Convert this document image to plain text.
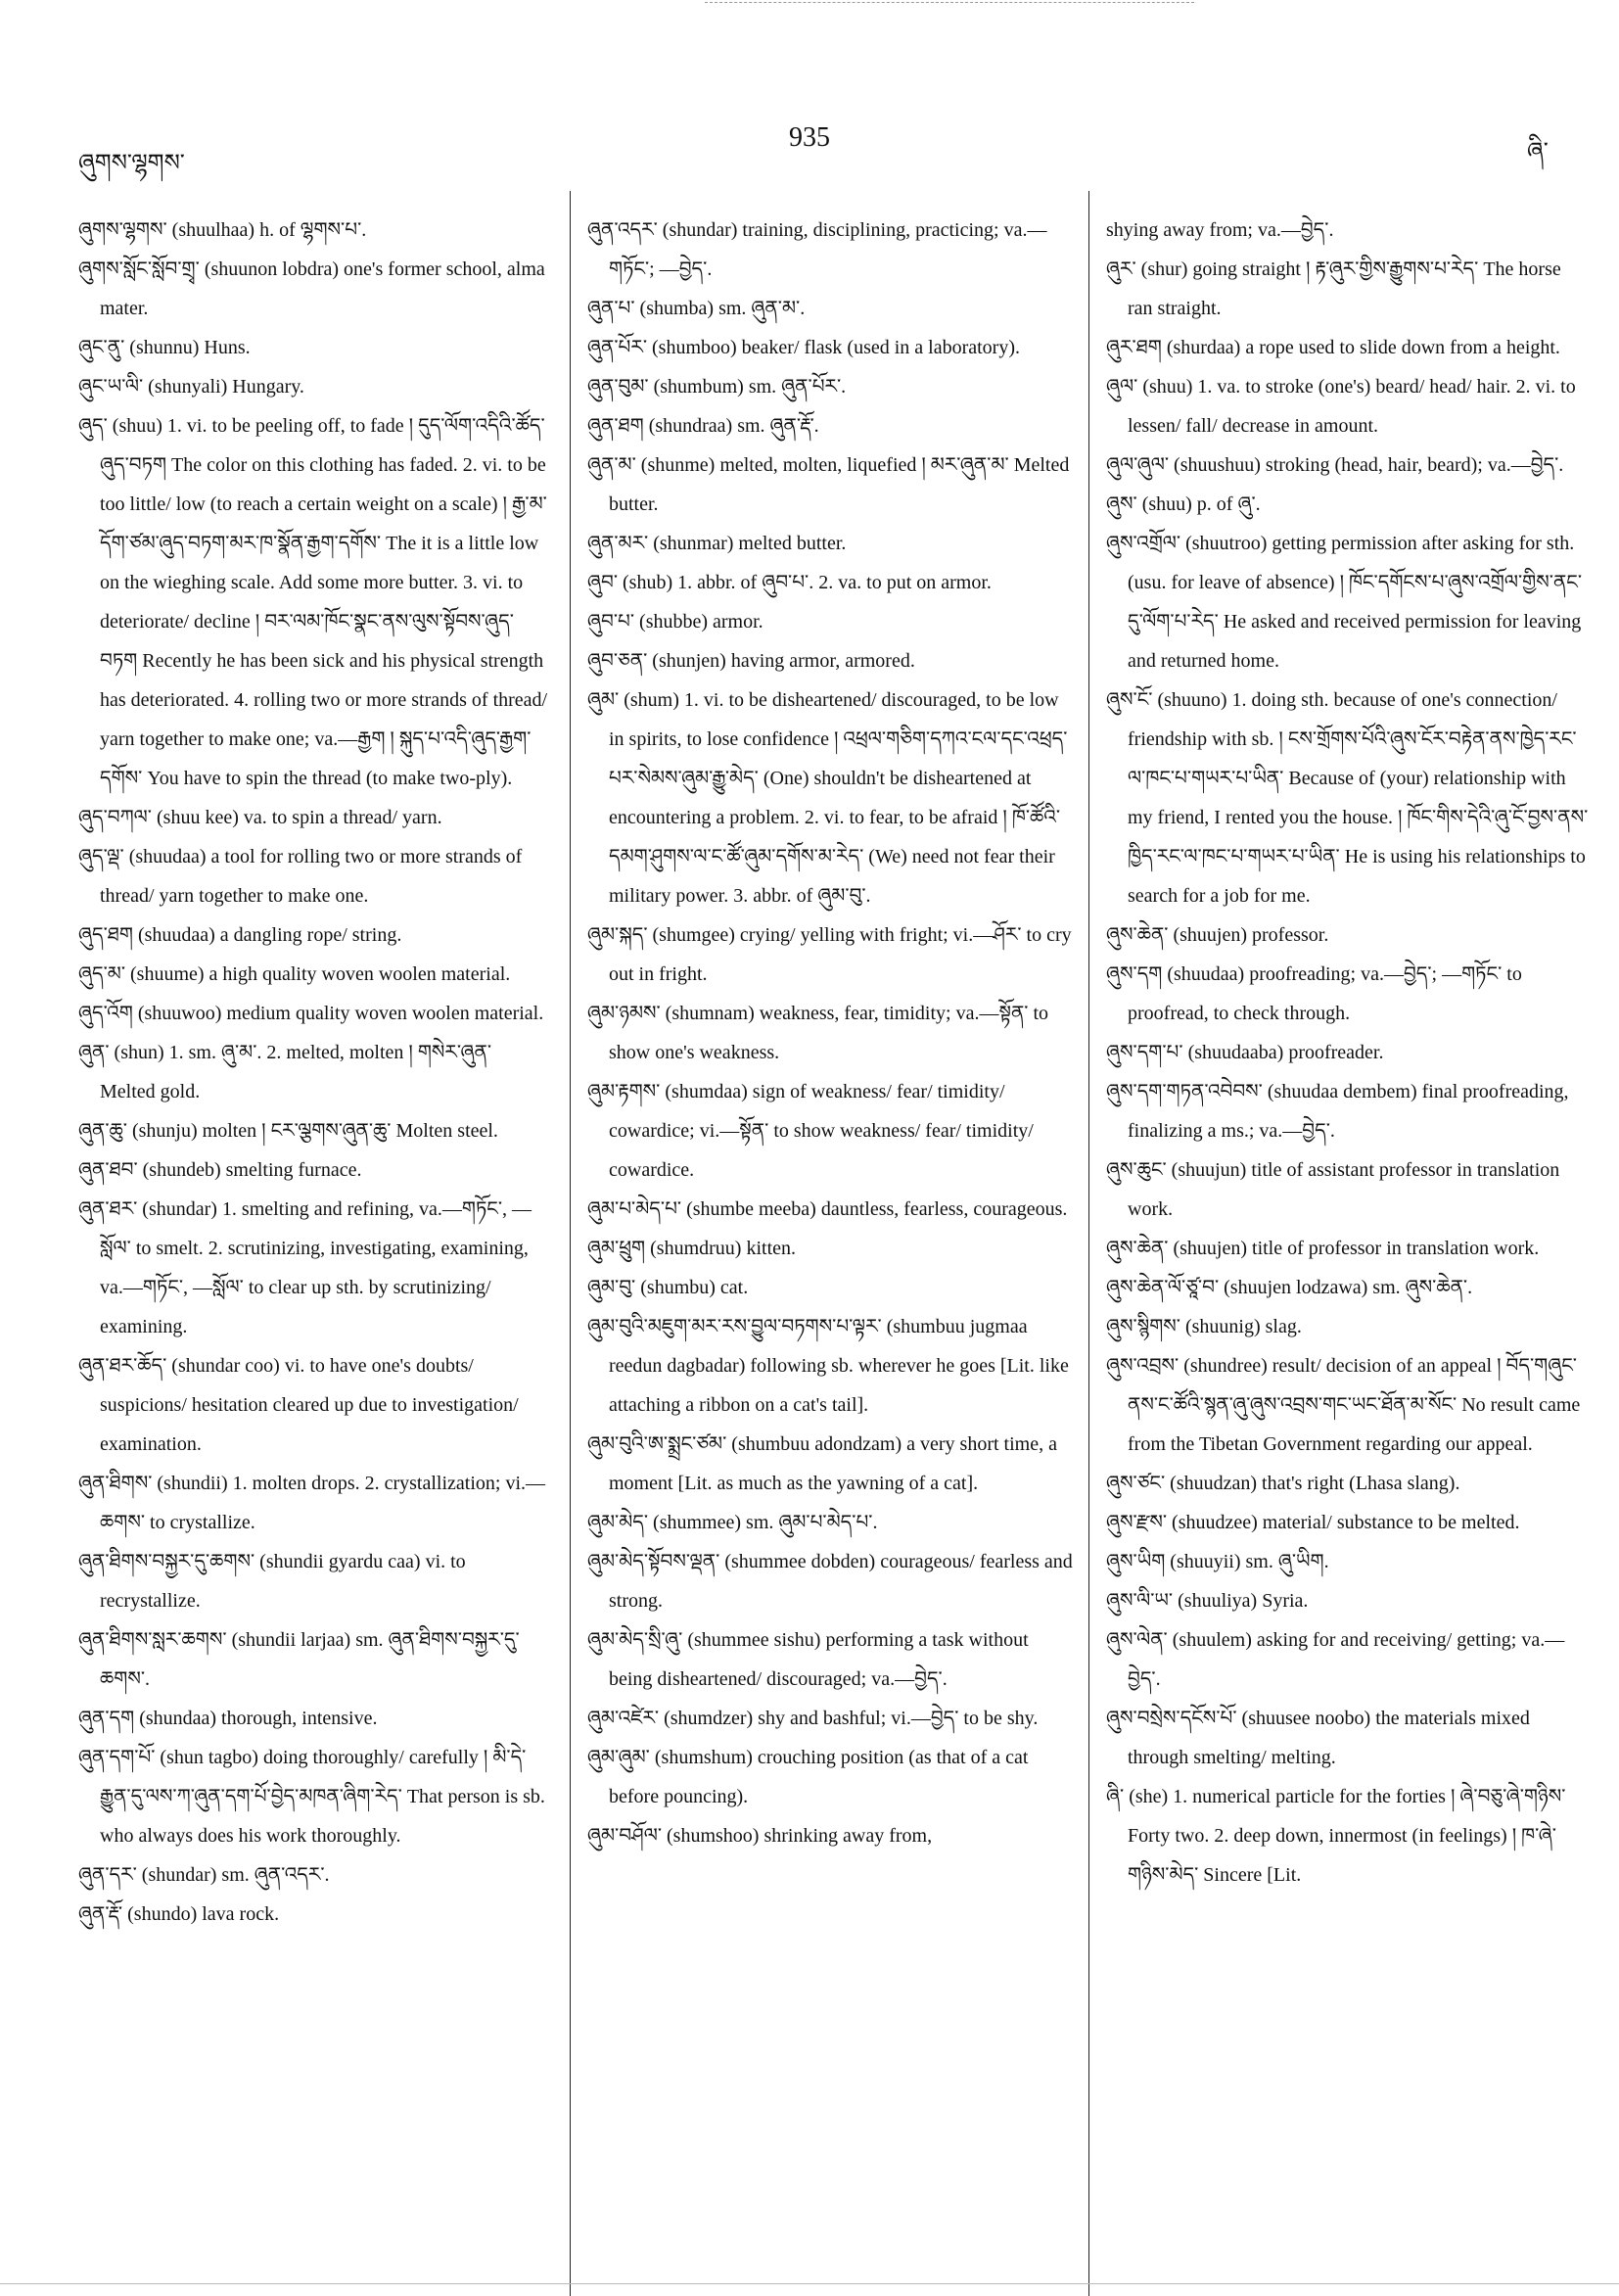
ཞུགས་ལྷགས་
935	ཞི་

ཞུགས་ལྷགས་ (shuulhaa) h. of ལྷགས་པ་.

ཞུགས་སློང་སློབ་གྲྭ་ (shuunon lobdra) one's former school, alma mater.

ཞུང་ནུ་ (shunnu) Huns.

ཞུང་ཡ་ལི་ (shunyali) Hungary.

ཞུད་ (shuu) 1. vi. to be peeling off, to fade ། དུད་ལོག་འདིའི་ཚོད་ཞུད་བཏག The color on this clothing has faded. 2. vi. to be too little/ low (to reach a certain weight on a scale) ། རྒྱ་མ་དོག་ཙམ་ཞུད་བཏག་མར་ཁ་སྣོན་རྒྱག་དགོས་ The it is a little low on the wieghing scale. Add some more butter. 3. vi. to deteriorate/ decline ། བར་ལམ་ཁོང་སྣང་ནས་ལུས་སྟོབས་ཞུད་བཏག Recently he has been sick and his physical strength has deteriorated. 4. rolling two or more strands of thread/ yarn together to make one; va.—རྒྱག ། སྐུད་པ་འདི་ཞུད་རྒྱག་དགོས་ You have to spin the thread (to make two-ply).

ཞུད་བཀལ་ (shuu kee) va. to spin a thread/ yarn.

ཞུད་ལྡ་ (shuudaa) a tool for rolling two or more strands of thread/ yarn together to make one.

ཞུད་ཐག (shuudaa) a dangling rope/ string.

ཞུད་མ་ (shuume) a high quality woven woolen material.

ཞུད་འོག (shuuwoo) medium quality woven woolen material.

ཞུན་ (shun) 1. sm. ཞུ་མ་. 2. melted, molten ། གསེར་ཞུན་ Melted gold.

ཞུན་ཆུ་ (shunju) molten ། ངར་ལྕགས་ཞུན་ཆུ་ Molten steel.

ཞུན་ཐབ་ (shundeb) smelting furnace.

ཞུན་ཐར་ (shundar) 1. smelting and refining, va.—གཏོང་, —སློལ་ to smelt. 2. scrutinizing, investigating, examining, va.—གཏོང་, —སློལ་ to clear up sth. by scrutinizing/ examining.

ཞུན་ཐར་ཆོད་ (shundar coo) vi. to have one's doubts/ suspicions/ hesitation cleared up due to investigation/ examination.

ཞུན་ཐིགས་ (shundii) 1. molten drops. 2. crystallization; vi.—ཆགས་ to crystallize.

ཞུན་ཐིགས་བསྐྱར་དུ་ཆགས་ (shundii gyardu caa) vi. to recrystallize.

ཞུན་ཐིགས་སླར་ཆགས་ (shundii larjaa) sm. ཞུན་ཐིགས་བསྐྱར་དུ་ཆགས་.

ཞུན་དག (shundaa) thorough, intensive.

ཞུན་དག་པོ་ (shun tagbo) doing thoroughly/ carefully ། མི་དེ་རྒྱུན་དུ་ལས་ཀ་ཞུན་དག་པོ་བྱེད་མཁན་ཞིག་རེད་ That person is sb. who always does his work thoroughly.

ཞུན་དར་ (shundar) sm. ཞུན་འདར་.

ཞུན་རྡོ་ (shundo) lava rock.

ཞུན་འདར་ (shundar) training, disciplining, practicing; va.—གཏོང་; —བྱེད་.

ཞུན་པ་ (shumba) sm. ཞུན་མ་.

ཞུན་པོར་ (shumboo) beaker/ flask (used in a laboratory).

ཞུན་བུམ་ (shumbum) sm. ཞུན་པོར་.

ཞུན་ཐག (shundraa) sm. ཞུན་རྡོ་.

ཞུན་མ་ (shunme) melted, molten, liquefied ། མར་ཞུན་མ་ Melted butter.

ཞུན་མར་ (shunmar) melted butter.

ཞུབ་ (shub) 1. abbr. of ཞུབ་པ་. 2. va. to put on armor.

ཞུབ་པ་ (shubbe) armor.

ཞུབ་ཅན་ (shunjen) having armor, armored.

ཞུམ་ (shum) 1. vi. to be disheartened/ discouraged, to be low in spirits, to lose confidence ། འཕྲལ་གཅིག་དཀའ་ངལ་དང་འཕྲད་པར་སེམས་ཞུམ་རྒྱུ་མེད་ (One) shouldn't be disheartened at encountering a problem. 2. vi. to fear, to be afraid ། ཁོ་ཚོའི་དམག་ཤུགས་ལ་ང་ཚོ་ཞུམ་དགོས་མ་རེད་ (We) need not fear their military power. 3. abbr. of ཞུམ་བུ་.

ཞུམ་སྐད་ (shumgee) crying/ yelling with fright; vi.—ཤོར་ to cry out in fright.

ཞུམ་ཉམས་ (shumnam) weakness, fear, timidity; va.—སྟོན་ to show one's weakness.

ཞུམ་རྟགས་ (shumdaa) sign of weakness/ fear/ timidity/ cowardice; vi.—སྟོན་ to show weakness/ fear/ timidity/ cowardice.

ཞུམ་པ་མེད་པ་ (shumbe meeba) dauntless, fearless, courageous.

ཞུམ་ཕྲུག (shumdruu) kitten.

ཞུམ་བུ་ (shumbu) cat.

ཞུམ་བུའི་མཇུག་མར་རས་བྱུལ་བཏགས་པ་ལྟར་ (shumbuu jugmaa reedun dagbadar) following sb. wherever he goes [Lit. like attaching a ribbon on a cat's tail].

ཞུམ་བུའི་ཨ་སྨྲང་ཙམ་ (shumbuu adondzam) a very short time, a moment [Lit. as much as the yawning of a cat].

ཞུམ་མེད་ (shummee) sm. ཞུམ་པ་མེད་པ་.

ཞུམ་མེད་སྟོབས་ལྡན་ (shummee dobden) courageous/ fearless and strong.

ཞུམ་མེད་སྲི་ཞུ་ (shummee sishu) performing a task without being disheartened/ discouraged; va.—བྱེད་.

ཞུམ་འཛེར་ (shumdzer) shy and bashful; vi.—བྱེད་ to be shy.

ཞུམ་ཞུམ་ (shumshum) crouching position (as that of a cat before pouncing).

ཞུམ་བཤོལ་ (shumshoo) shrinking away from,

shying away from; va.—བྱེད་.

ཞུར་ (shur) going straight ། རྟ་ཞུར་གྱིས་རྒྱུགས་པ་རེད་ The horse ran straight.

ཞུར་ཐག (shurdaa) a rope used to slide down from a height.

ཞུལ་ (shuu) 1. va. to stroke (one's) beard/ head/ hair. 2. vi. to lessen/ fall/ decrease in amount.

ཞུལ་ཞུལ་ (shuushuu) stroking (head, hair, beard); va.—བྱེད་.

ཞུས་ (shuu) p. of ཞུ་.

ཞུས་འགྲོལ་ (shuutroo) getting permission after asking for sth. (usu. for leave of absence) ། ཁོང་དགོངས་པ་ཞུས་འགྲོལ་གྱིས་ནང་དུ་ལོག་པ་རེད་ He asked and received permission for leaving and returned home.

ཞུས་ངོ་ (shuuno) 1. doing sth. because of one's connection/ friendship with sb. ། ངས་གྲོགས་པོའི་ཞུས་ངོར་བརྟེན་ནས་ཁྱེད་རང་ལ་ཁང་པ་གཡར་པ་ཡིན་ Because of (your) relationship with my friend, I rented you the house. ། ཁོང་གིས་དེའི་ཞུ་ངོ་བྱས་ནས་ཁྱིད་རང་ལ་ཁང་པ་གཡར་པ་ཡིན་ He is using his relationships to search for a job for me.

ཞུས་ཆེན་ (shuujen) professor.

ཞུས་དག (shuudaa) proofreading; va.—བྱེད་; —གཏོང་ to proofread, to check through.

ཞུས་དག་པ་ (shuudaaba) proofreader.

ཞུས་དག་གཏན་འབེབས་ (shuudaa dembem) final proofreading, finalizing a ms.; va.—བྱེད་.

ཞུས་ཆུང་ (shuujun) title of assistant professor in translation work.

ཞུས་ཆེན་ (shuujen) title of professor in translation work.

ཞུས་ཆེན་ལོ་ཙཱ་བ་ (shuujen lodzawa) sm. ཞུས་ཆེན་.

ཞུས་སྙིགས་ (shuunig) slag.

ཞུས་འབྲས་ (shundree) result/ decision of an appeal ། བོད་གཞུང་ནས་ང་ཚོའི་སྙན་ཞུ་ཞུས་འབྲས་གང་ཡང་ཐོན་མ་སོང་ No result came from the Tibetan Government regarding our appeal.

ཞུས་ཙང་ (shuudzan) that's right (Lhasa slang).

ཞུས་རྫས་ (shuudzee) material/ substance to be melted.

ཞུས་ཡིག (shuuyii) sm. ཞུ་ཡིག.

ཞུས་ལི་ཡ་ (shuuliya) Syria.

ཞུས་ལེན་ (shuulem) asking for and receiving/ getting; va.—བྱེད་.

ཞུས་བསྲེས་དངོས་པོ་ (shuusee noobo) the materials mixed through smelting/ melting.

ཞི་ (she) 1. numerical particle for the forties ། ཞེ་བཅུ་ཞེ་གཉིས་ Forty two. 2. deep down, innermost (in feelings) ། ཁ་ཞེ་གཉིས་མེད་ Sincere [Lit.
